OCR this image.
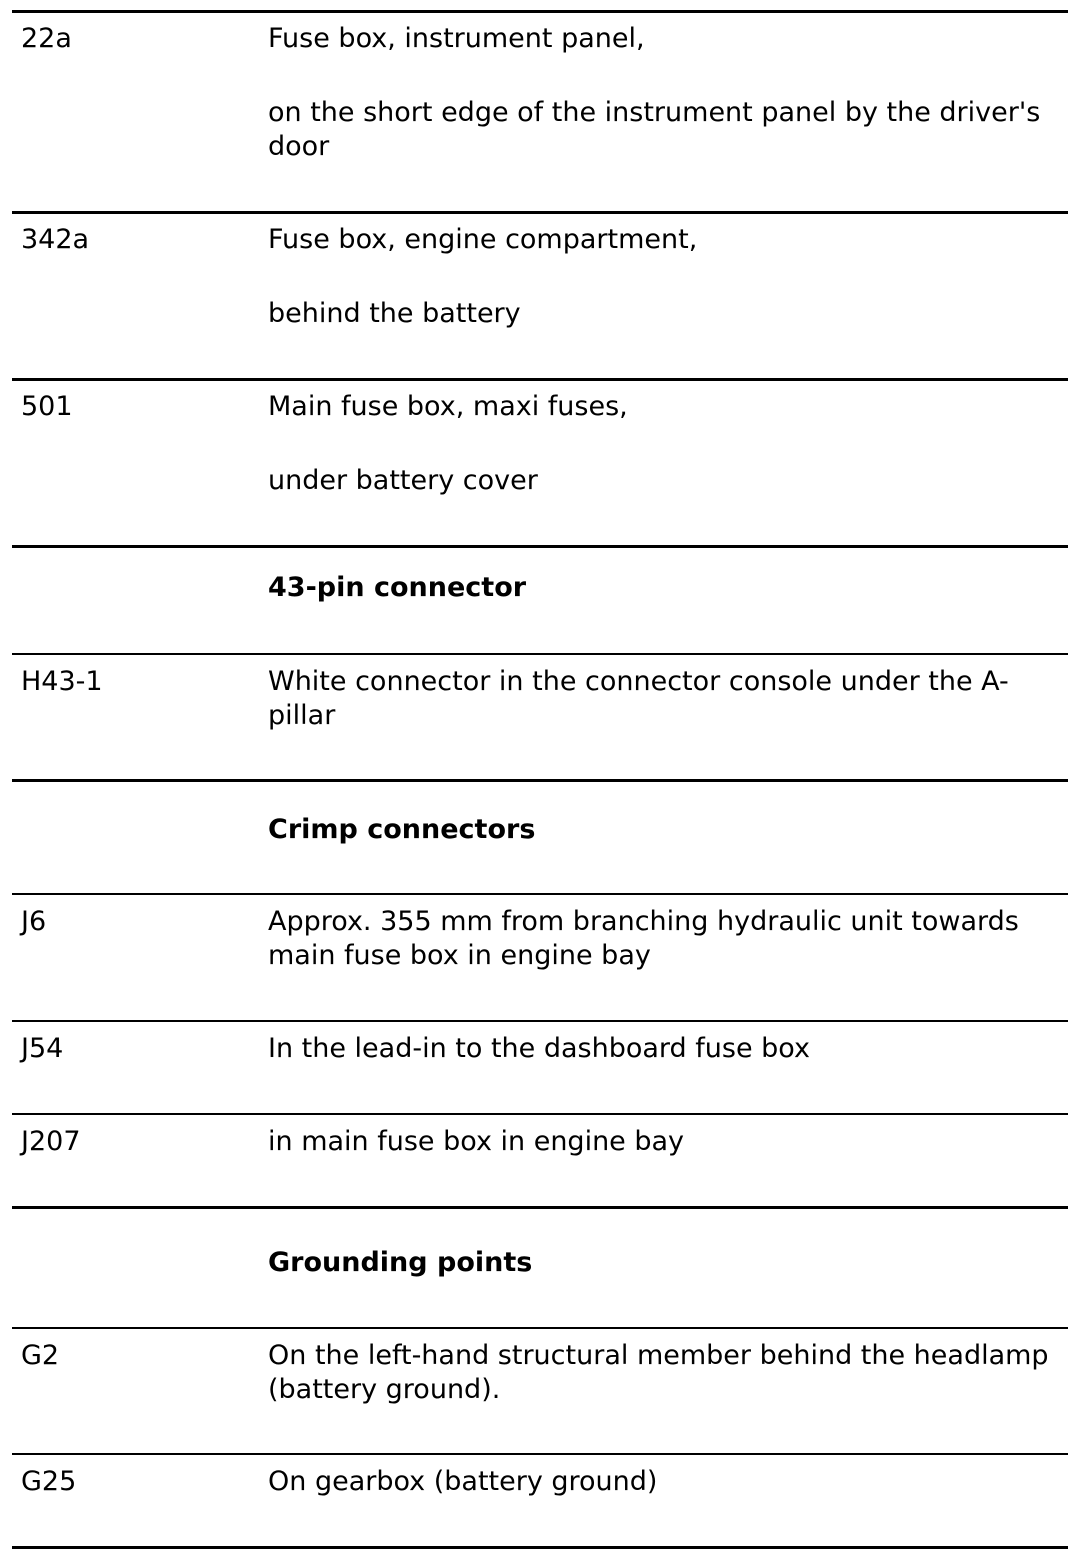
22a	Fuse box, instrument panel,
on the short edge of the instrument panel by the driver's door
342a	Fuse box, engine compartment,
behind the battery
501	Main fuse box, maxi fuses,
under battery cover
43-pin connector
H43-1	White connector in the connector console under the A-pillar
Crimp connectors
J6	Approx. 355 mm from branching hydraulic unit towards main fuse box in engine bay
J54	In the lead-in to the dashboard fuse box
J207	in main fuse box in engine bay
Grounding points
G2	On the left-hand structural member behind the headlamp (battery ground).
G25	On gearbox (battery ground)
